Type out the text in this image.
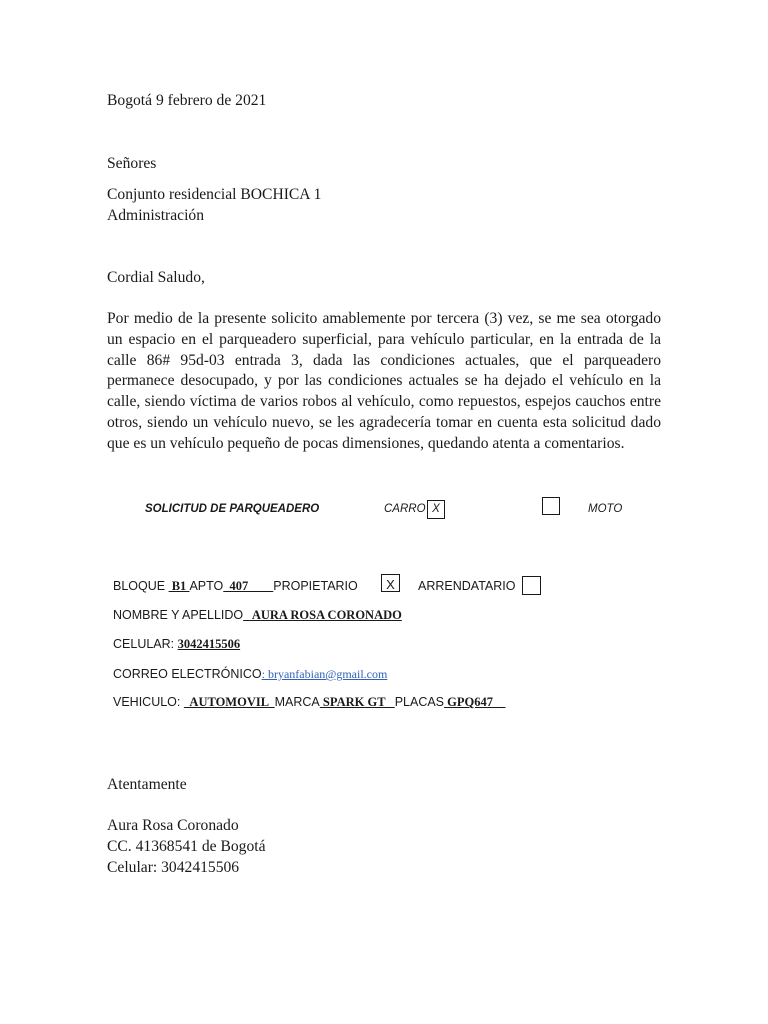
Bogotá 9 febrero de 2021
Señores
Conjunto residencial BOCHICA 1
Administración
Cordial Saludo,
Por medio de la presente solicito amablemente por tercera (3) vez, se me sea otorgado un espacio en el parqueadero superficial, para vehículo particular, en la entrada de la calle 86# 95d-03 entrada 3, dada las condiciones actuales, que el parqueadero permanece desocupado, y por las condiciones actuales se ha dejado el vehículo en la calle, siendo víctima de varios robos al vehículo, como repuestos, espejos cauchos entre otros, siendo un vehículo nuevo, se les agradecería tomar en cuenta esta solicitud dado que es un vehículo pequeño de pocas dimensiones, quedando atenta a comentarios.
SOLICITUD DE PARQUEADERO	CARRO X	MOTO
BLOQUE  B1 APTO  407        PROPIETARIO	X	ARRENDATARIO
NOMBRE Y APELLIDO   AURA ROSA CORONADO
CELULAR: 3042415506
CORREO ELECTRÓNICO: bryanfabian@gmail.com
VEHICULO:   AUTOMOVIL  MARCA SPARK GT   PLACAS GPQ647
Atentamente
Aura Rosa Coronado
CC. 41368541 de Bogotá
Celular: 3042415506
